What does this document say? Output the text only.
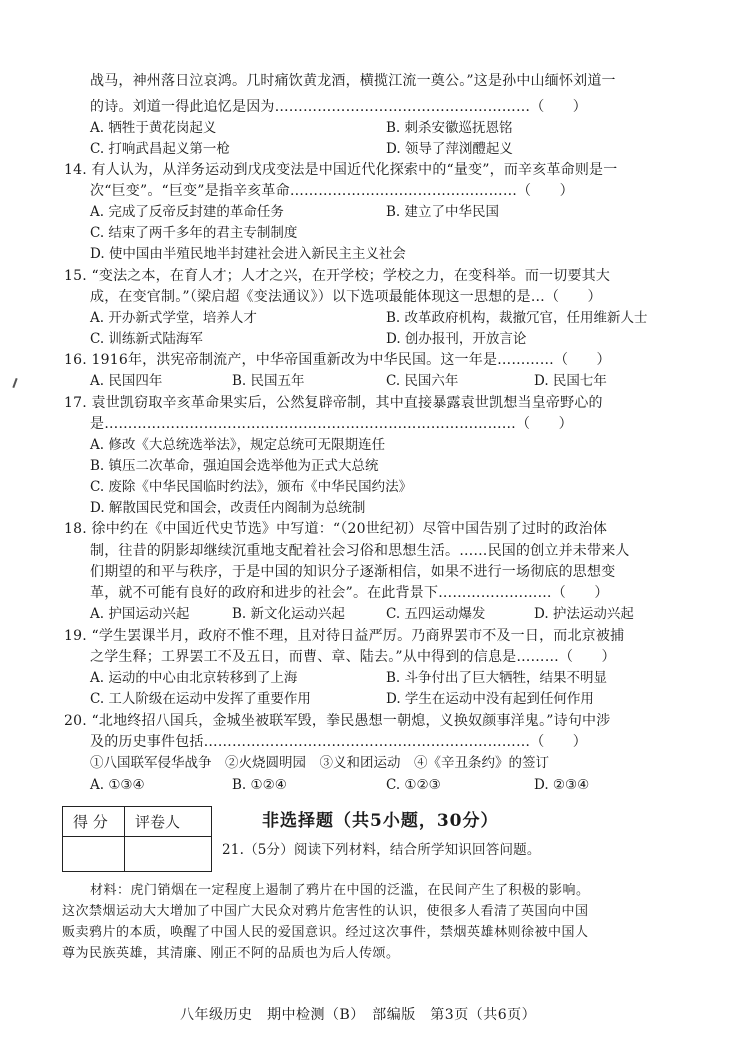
战马，神州落日泣哀鸿。几时痛饮黄龙酒，横揽江流一奠公。”这是孙中山缅怀刘道一
的诗。刘道一得此追忆是因为………………………………………………（　　）
A. 牺牲于黄花岗起义	B. 刺杀安徽巡抚恩铭
C. 打响武昌起义第一枪	D. 领导了萍浏醴起义
14. 有人认为，从洋务运动到戊戌变法是中国近代化探索中的“量变”，而辛亥革命则是一
次“巨变”。“巨变”是指辛亥革命…………………………………………（　　）
A. 完成了反帝反封建的革命任务	B. 建立了中华民国
C. 结束了两千多年的君主专制制度
D. 使中国由半殖民地半封建社会进入新民主主义社会
15. “变法之本，在育人才；人才之兴，在开学校；学校之力，在变科举。而一切要其大
成，在变官制。”（梁启超《变法通议》）以下选项最能体现这一思想的是…（　　）
A. 开办新式学堂，培养人才	B. 改革政府机构，裁撤冗官，任用维新人士
C. 训练新式陆海军	D. 创办报刊，开放言论
16. 1916年，洪宪帝制流产，中华帝国重新改为中华民国。这一年是…………（　　）
A. 民国四年	B. 民国五年	C. 民国六年	D. 民国七年
17. 袁世凯窃取辛亥革命果实后，公然复辟帝制，其中直接暴露袁世凯想当皇帝野心的
是……………………………………………………………………………（　　）
A. 修改《大总统选举法》，规定总统可无限期连任
B. 镇压二次革命，强迫国会选举他为正式大总统
C. 废除《中华民国临时约法》，颁布《中华民国约法》
D. 解散国民党和国会，改责任内阁制为总统制
18. 徐中约在《中国近代史节选》中写道：“（20世纪初）尽管中国告别了过时的政治体
制，往昔的阴影却继续沉重地支配着社会习俗和思想生活。……民国的创立并未带来人
们期望的和平与秩序，于是中国的知识分子逐渐相信，如果不进行一场彻底的思想变
革，就不可能有良好的政府和进步的社会”。在此背景下……………………（　　）
A. 护国运动兴起	B. 新文化运动兴起	C. 五四运动爆发	D. 护法运动兴起
19. “学生罢课半月，政府不惟不理，且对待日益严厉。乃商界罢市不及一日，而北京被捕
之学生释；工界罢工不及五日，而曹、章、陆去。”从中得到的信息是………（　　）
A. 运动的中心由北京转移到了上海	B. 斗争付出了巨大牺牲，结果不明显
C. 工人阶级在运动中发挥了重要作用	D. 学生在运动中没有起到任何作用
20. “北地终招八国兵，金城坐被联军毁，拳民愚想一朝熄，义换奴颜事洋鬼。”诗句中涉
及的历史事件包括……………………………………………………………（　　）
①八国联军侵华战争　②火烧圆明园　③义和团运动　④《辛丑条约》的签订
A. ①③④	B. ①②④	C. ①②③	D. ②③④
得 分 评卷人	非选择题（共5小题，30分）
21.（5分）阅读下列材料，结合所学知识回答问题。
材料：虎门销烟在一定程度上遏制了鸦片在中国的泛滥，在民间产生了积极的影响。
这次禁烟运动大大增加了中国广大民众对鸦片危害性的认识，使很多人看清了英国向中国
贩卖鸦片的本质，唤醒了中国人民的爱国意识。经过这次事件，禁烟英雄林则徐被中国人
尊为民族英雄，其清廉、刚正不阿的品质也为后人传颂。
八年级历史　期中检测（B）　部编版　第3页（共6页）
